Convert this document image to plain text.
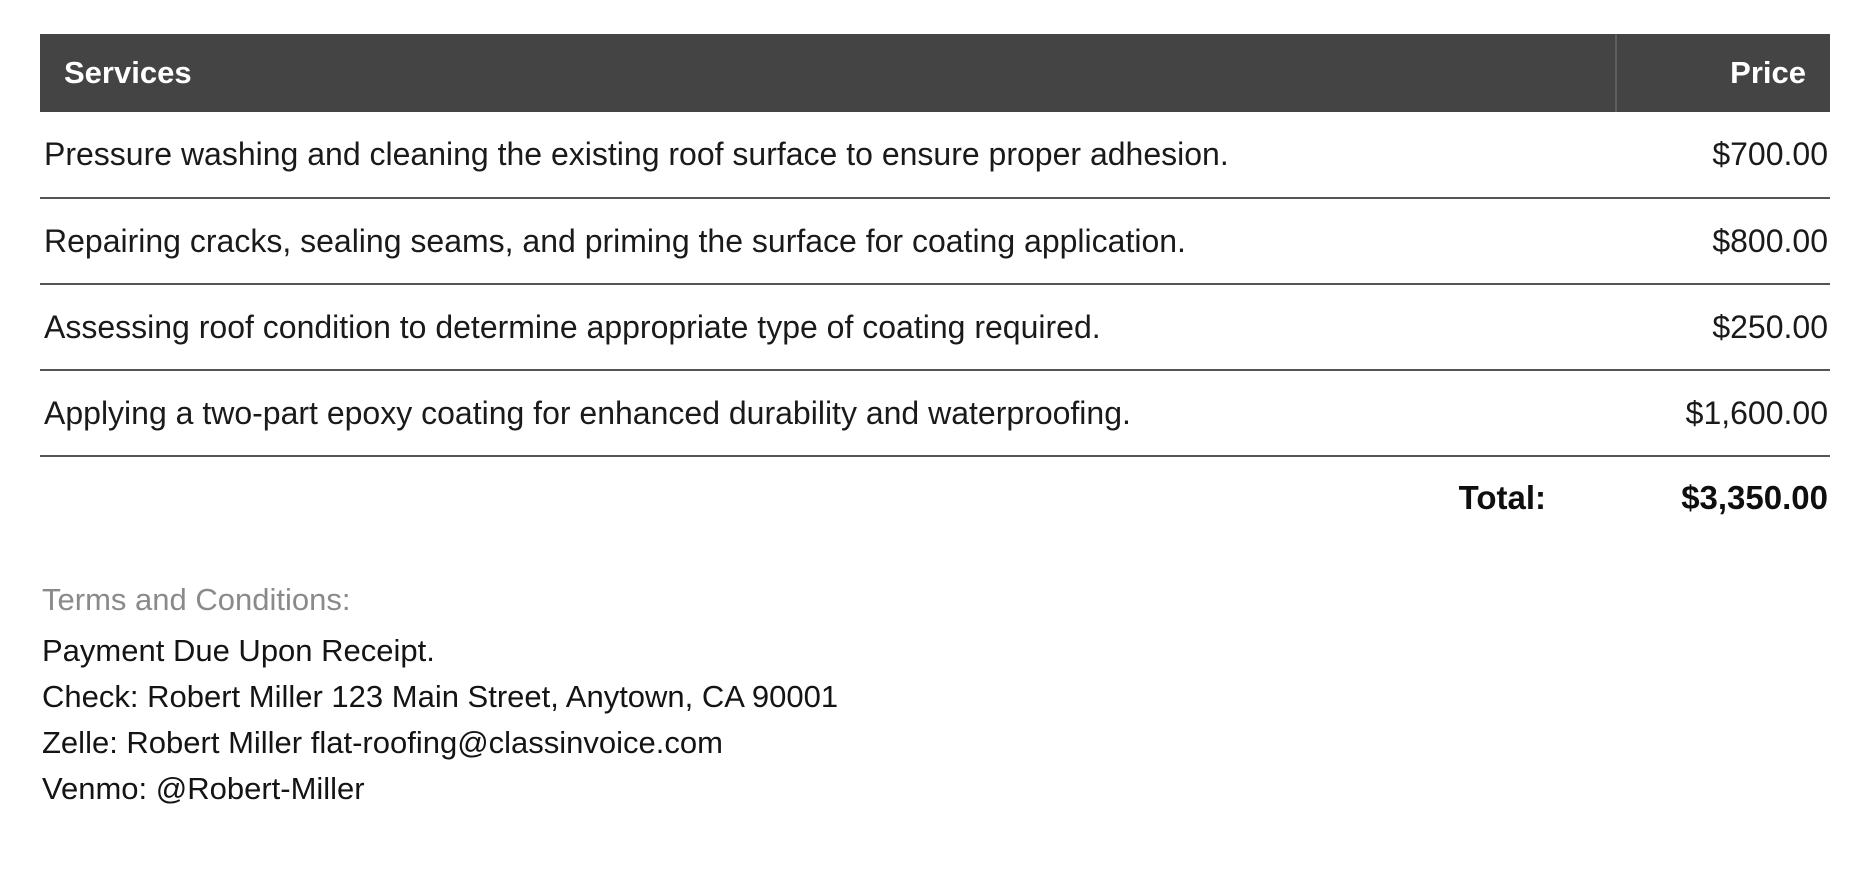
Services	Price
Pressure washing and cleaning the existing roof surface to ensure proper adhesion.	$700.00
Repairing cracks, sealing seams, and priming the surface for coating application.	$800.00
Assessing roof condition to determine appropriate type of coating required.	$250.00
Applying a two-part epoxy coating for enhanced durability and waterproofing.	$1,600.00
Total:	$3,350.00
Terms and Conditions:
Payment Due Upon Receipt.
Check: Robert Miller 123 Main Street, Anytown, CA 90001
Zelle: Robert Miller flat-roofing@classinvoice.com
Venmo: @Robert-Miller
